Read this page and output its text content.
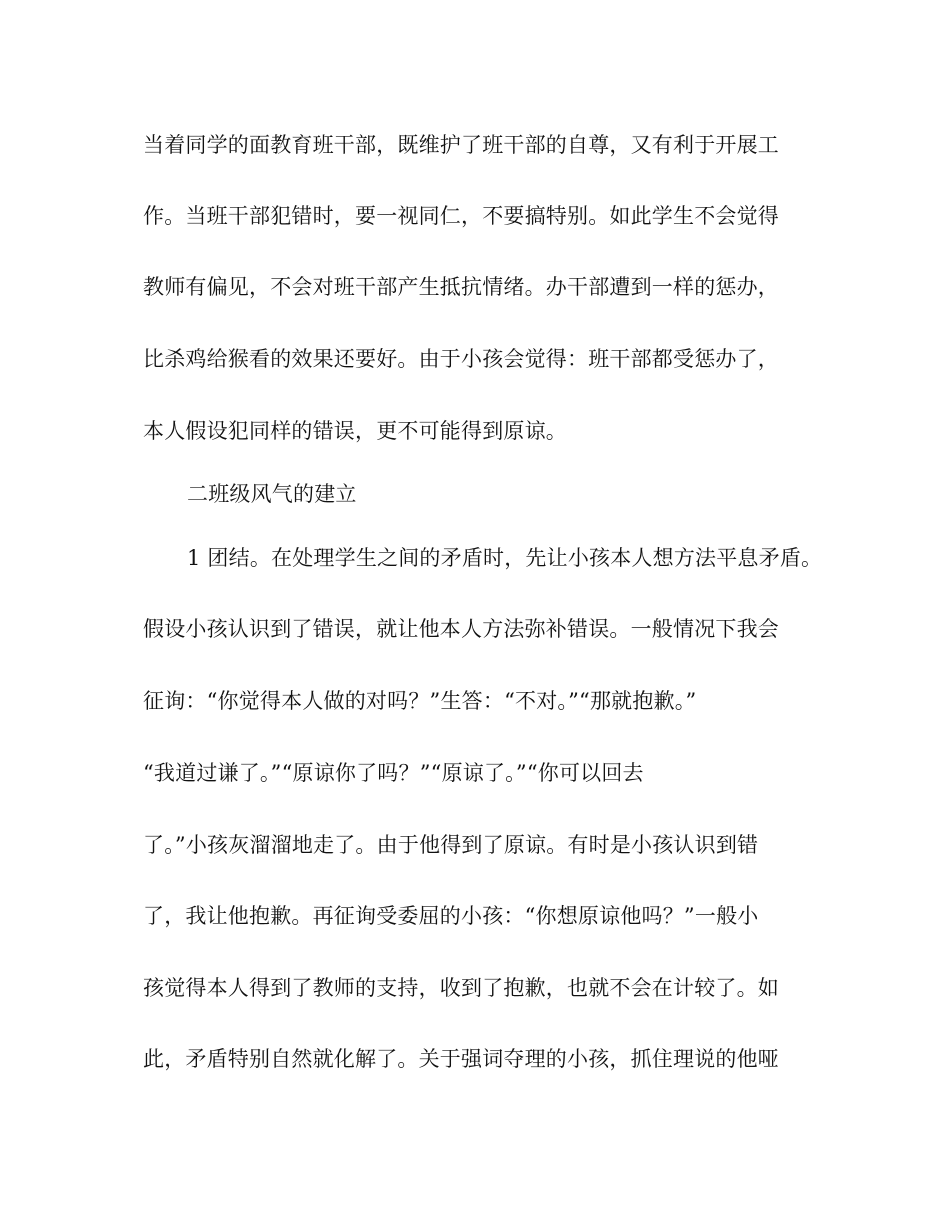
当着同学的面教育班干部，既维护了班干部的自尊，又有利于开展工
作。当班干部犯错时，要一视同仁，不要搞特别。如此学生不会觉得
教师有偏见，不会对班干部产生抵抗情绪。办干部遭到一样的惩办，
比杀鸡给猴看的效果还要好。由于小孩会觉得：班干部都受惩办了，
本人假设犯同样的错误，更不可能得到原谅。
二班级风气的建立
1 团结。在处理学生之间的矛盾时，先让小孩本人想方法平息矛盾。
假设小孩认识到了错误，就让他本人方法弥补错误。一般情况下我会
征询：“你觉得本人做的对吗？”生答：“不对。”“那就抱歉。”
“我道过谦了。”“原谅你了吗？”“原谅了。”“你可以回去
了。”小孩灰溜溜地走了。由于他得到了原谅。有时是小孩认识到错
了，我让他抱歉。再征询受委屈的小孩：“你想原谅他吗？”一般小
孩觉得本人得到了教师的支持，收到了抱歉，也就不会在计较了。如
此，矛盾特别自然就化解了。关于强词夺理的小孩，抓住理说的他哑
